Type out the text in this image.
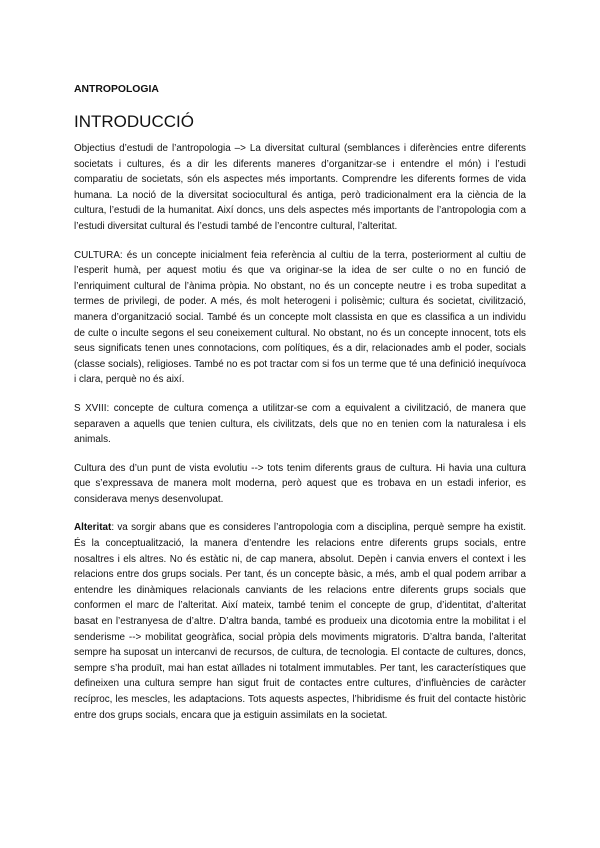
ANTROPOLOGIA
INTRODUCCIÓ

Objectius d’estudi de l’antropologia –> La diversitat cultural (semblances i diferències entre diferents societats i cultures, és a dir les diferents maneres d’organitzar-se i entendre el món) i l’estudi comparatiu de societats, són els aspectes més importants. Comprendre les diferents formes de vida humana. La noció de la diversitat sociocultural és antiga, però tradicionalment era la ciència de la cultura, l’estudi de la humanitat. Així doncs, uns dels aspectes més importants de l’antropologia com a l’estudi diversitat cultural és l’estudi també de l’encontre cultural, l’alteritat.

CULTURA: és un concepte inicialment feia referència al cultiu de la terra, posteriorment al cultiu de l’esperit humà, per aquest motiu és que va originar-se la idea de ser culte o no en funció de l’enriquiment cultural de l’ànima pròpia. No obstant, no és un concepte neutre i es troba supeditat a termes de privilegi, de poder. A més, és molt heterogeni i polisèmic; cultura és societat, civilització, manera d’organització social. També és un concepte molt classista en que es classifica a un individu de culte o inculte segons el seu coneixement cultural. No obstant, no és un concepte innocent, tots els seus significats tenen unes connotacions, com polítiques, és a dir, relacionades amb el poder, socials (classe socials), religioses. També no es pot tractar com si fos un terme que té una definició inequívoca i clara, perquè no és així.

S XVIII: concepte de cultura comença a utilitzar-se com a equivalent a civilització, de manera que separaven a aquells que tenien cultura, els civilitzats, dels que no en tenien com la naturalesa i els animals.

Cultura des d’un punt de vista evolutiu --> tots tenim diferents graus de cultura. Hi havia una cultura que s’expressava de manera molt moderna, però aquest que es trobava en un estadi inferior, es considerava menys desenvolupat.

Alteritat: va sorgir abans que es consideres l’antropologia com a disciplina, perquè sempre ha existit. És la conceptualització, la manera d’entendre les relacions entre diferents grups socials, entre nosaltres i els altres. No és estàtic ni, de cap manera, absolut. Depèn i canvia envers el context i les relacions entre dos grups socials. Per tant, és un concepte bàsic, a més, amb el qual podem arribar a entendre les dinàmiques relacionals canviants de les relacions entre diferents grups socials que conformen el marc de l’alteritat. Així mateix, també tenim el concepte de grup, d’identitat, d’alteritat basat en l’estranyesa de d’altre. D’altra banda, també es produeix una dicotomia entre la mobilitat i el senderisme --> mobilitat geogràfica, social pròpia dels moviments migratoris. D’altra banda, l’alteritat sempre ha suposat un intercanvi de recursos, de cultura, de tecnologia. El contacte de cultures, doncs, sempre s’ha produït, mai han estat aïllades ni totalment immutables. Per tant, les característiques que defineixen una cultura sempre han sigut fruit de contactes entre cultures, d’influències de caràcter recíproc, les mescles, les adaptacions. Tots aquests aspectes, l’hibridisme és fruit del contacte històric entre dos grups socials, encara que ja estiguin assimilats en la societat.
